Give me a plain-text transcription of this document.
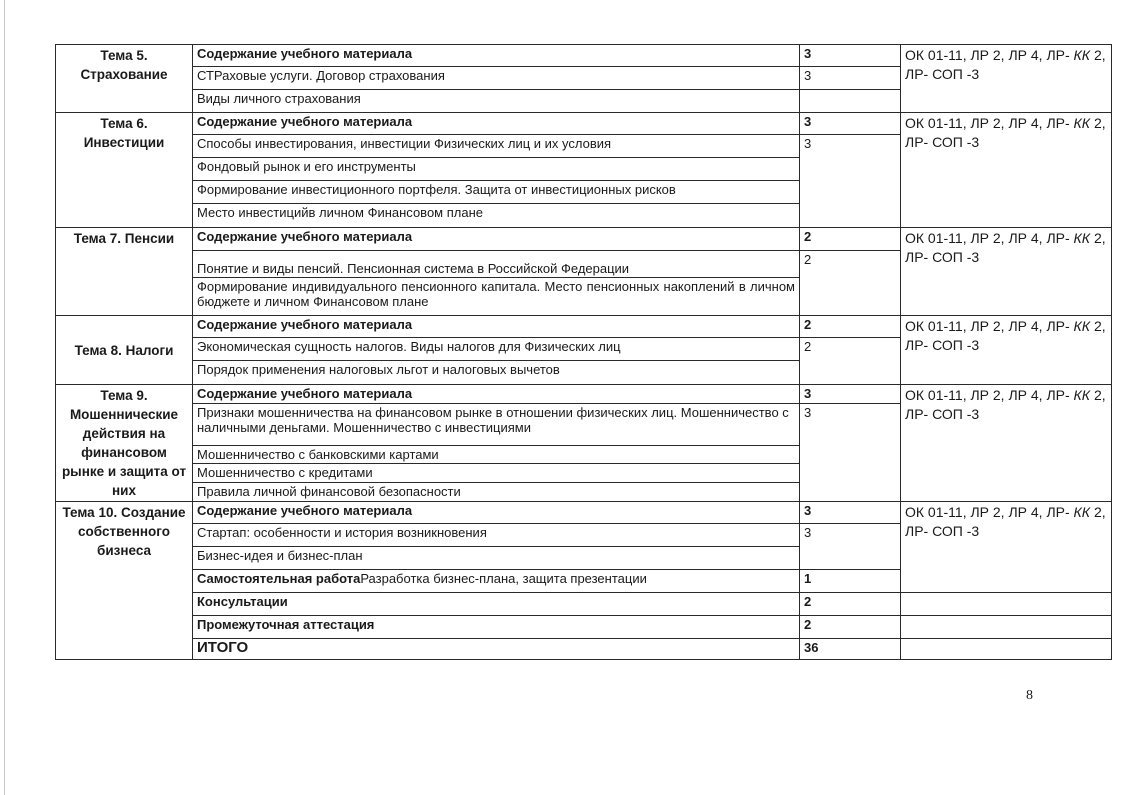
Тема 5. Страхование	Содержание учебного материала	3	ОК 01-11, ЛР 2, ЛР 4, ЛР- КК 2, ЛР- СОП -3
	СТРаховые услуги. Договор страхования	3	
	Виды личного страхования		
Тема 6. Инвестиции	Содержание учебного материала	3	ОК 01-11, ЛР 2, ЛР 4, ЛР- КК 2, ЛР- СОП -3
	Способы инвестирования, инвестиции Физических лиц и их условия	3	
	Фондовый рынок и его инструменты		
	Формирование инвестиционного портфеля. Защита от инвестиционных рисков		
	Место инвестицийв личном Финансовом плане		
Тема 7. Пенсии	Содержание учебного материала	2	ОК 01-11, ЛР 2, ЛР 4, ЛР- КК 2, ЛР- СОП -3
	Понятие и виды пенсий. Пенсионная система в Российской Федерации	2	
	Формирование индивидуального пенсионного капитала. Место пенсионных накоплений в личном бюджете и личном Финансовом плане		
Тема 8. Налоги	Содержание учебного материала	2	ОК 01-11, ЛР 2, ЛР 4, ЛР- КК 2, ЛР- СОП -3
	Экономическая сущность налогов. Виды налогов для Физических лиц	2	
	Порядок применения налоговых льгот и налоговых вычетов		
Тема 9. Мошеннические действия на финансовом рынке и защита от них	Содержание учебного материала	3	ОК 01-11, ЛР 2, ЛР 4, ЛР- КК 2, ЛР- СОП -3
	Признаки мошенничества на финансовом рынке в отношении физических лиц. Мошенничество с наличными деньгами. Мошенничество с инвестициями	3	
	Мошенничество с банковскими картами		
	Мошенничество с кредитами		
	Правила личной финансовой безопасности		
Тема 10. Создание собственного бизнеса	Содержание учебного материала	3	ОК 01-11, ЛР 2, ЛР 4, ЛР- КК 2, ЛР- СОП -3
	Стартап: особенности и история возникновения	3	
	Бизнес-идея и бизнес-план		
	Самостоятельная работаРазработка бизнес-плана, защита презентации	1	
	Консультации	2	
	Промежуточная аттестация	2	
	ИТОГО	36	
8
